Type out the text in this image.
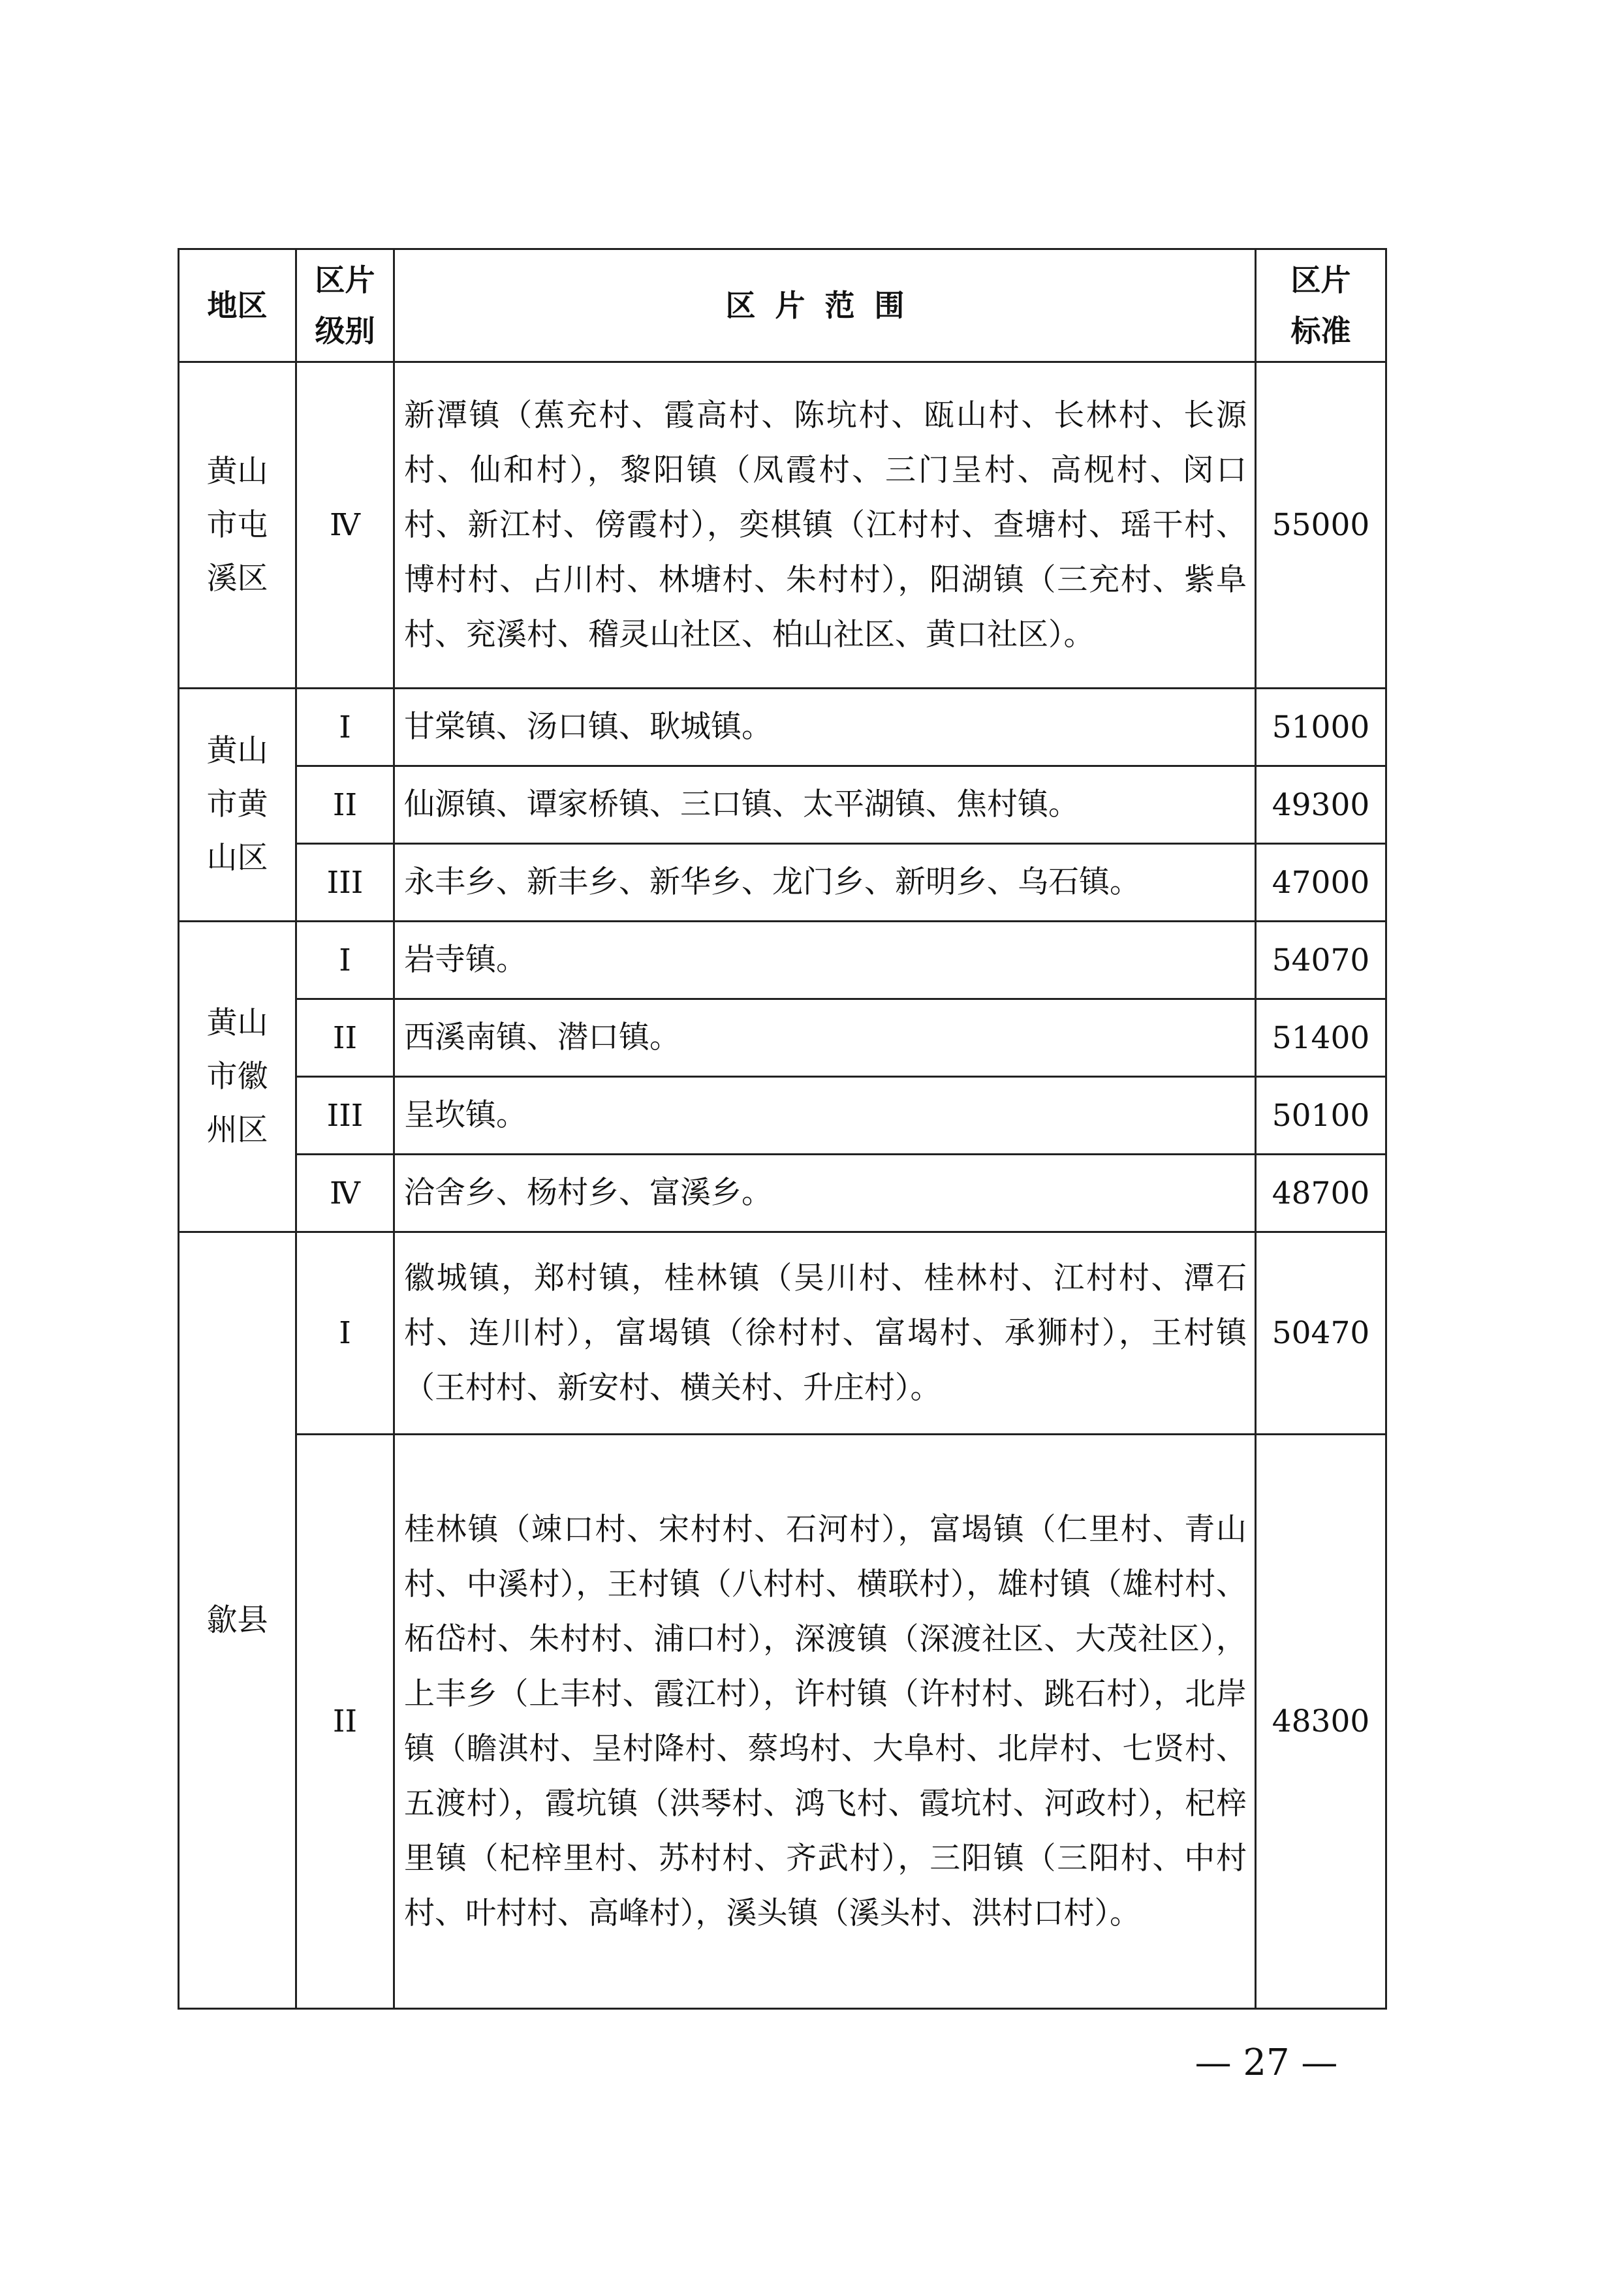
地区	区片级别	区片范围	区片标准
黄山市屯溪区	Ⅳ	新潭镇（蕉充村、霞高村、陈坑村、瓯山村、长林村、长源村、仙和村），黎阳镇（凤霞村、三门呈村、高枧村、闵口村、新江村、傍霞村），奕棋镇（江村村、查塘村、瑶干村、博村村、占川村、林塘村、朱村村），阳湖镇（三充村、紫阜村、兖溪村、稽灵山社区、柏山社区、黄口社区）。	55000
黄山市黄山区	I	甘棠镇、汤口镇、耿城镇。	51000
	II	仙源镇、谭家桥镇、三口镇、太平湖镇、焦村镇。	49300
	III	永丰乡、新丰乡、新华乡、龙门乡、新明乡、乌石镇。	47000
黄山市徽州区	I	岩寺镇。	54070
	II	西溪南镇、潜口镇。	51400
	III	呈坎镇。	50100
	Ⅳ	洽舍乡、杨村乡、富溪乡。	48700
歙县	I	徽城镇，郑村镇，桂林镇（吴川村、桂林村、江村村、潭石村、连川村），富堨镇（徐村村、富堨村、承狮村），王村镇（王村村、新安村、横关村、升庄村）。	50470
	II	桂林镇（竦口村、宋村村、石河村），富堨镇（仁里村、青山村、中溪村），王村镇（八村村、横联村），雄村镇（雄村村、柘岱村、朱村村、浦口村），深渡镇（深渡社区、大茂社区），上丰乡（上丰村、霞江村），许村镇（许村村、跳石村），北岸镇（瞻淇村、呈村降村、蔡坞村、大阜村、北岸村、七贤村、五渡村），霞坑镇（洪琴村、鸿飞村、霞坑村、河政村），杞梓里镇（杞梓里村、苏村村、齐武村），三阳镇（三阳村、中村村、叶村村、高峰村），溪头镇（溪头村、洪村口村）。	48300
— 27 —
